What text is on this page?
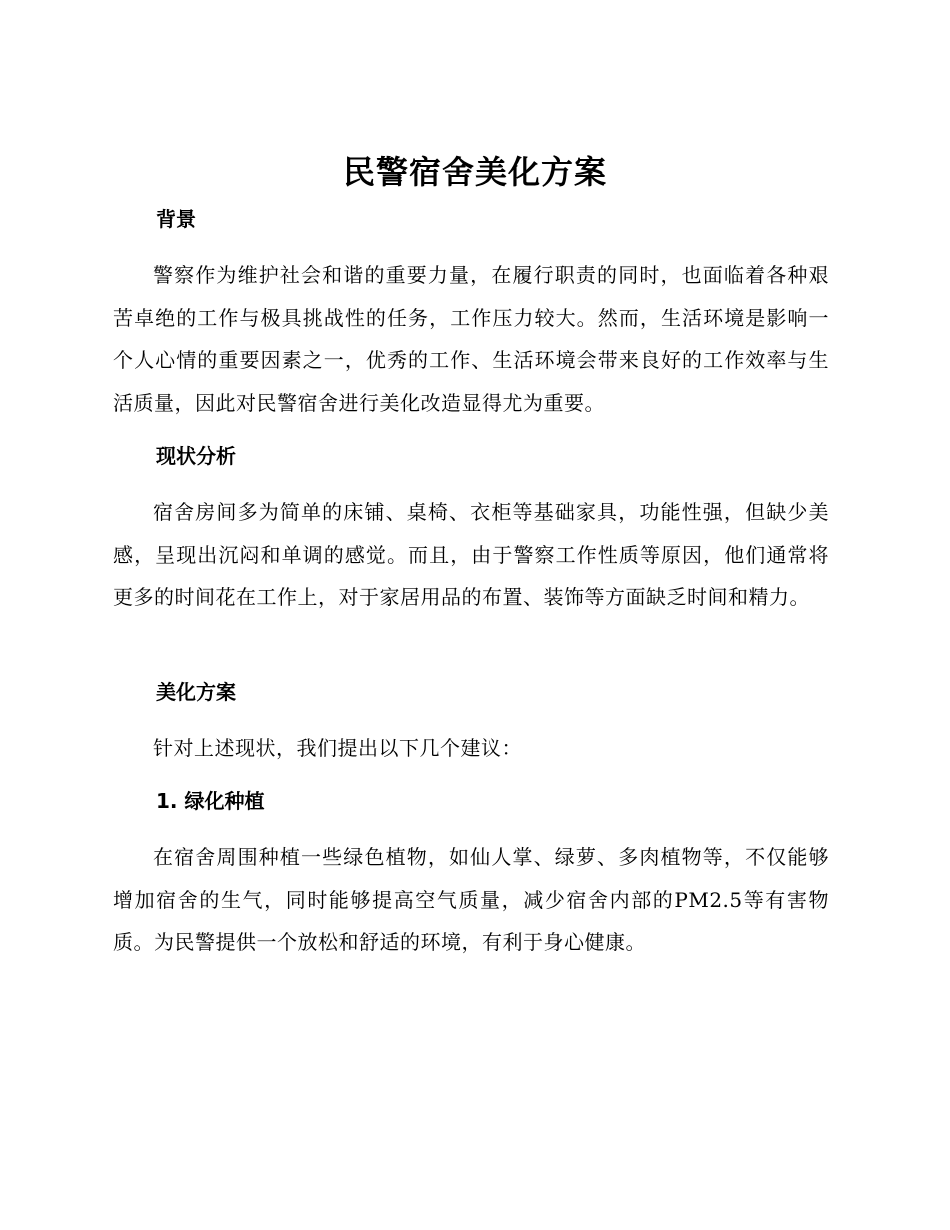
民警宿舍美化方案
背景
警察作为维护社会和谐的重要力量，在履行职责的同时，也面临着各种艰苦卓绝的工作与极具挑战性的任务，工作压力较大。然而，生活环境是影响一个人心情的重要因素之一，优秀的工作、生活环境会带来良好的工作效率与生活质量，因此对民警宿舍进行美化改造显得尤为重要。
现状分析
宿舍房间多为简单的床铺、桌椅、衣柜等基础家具，功能性强，但缺少美感，呈现出沉闷和单调的感觉。而且，由于警察工作性质等原因，他们通常将更多的时间花在工作上，对于家居用品的布置、装饰等方面缺乏时间和精力。
美化方案
针对上述现状，我们提出以下几个建议：
1. 绿化种植
在宿舍周围种植一些绿色植物，如仙人掌、绿萝、多肉植物等，不仅能够增加宿舍的生气，同时能够提高空气质量，减少宿舍内部的PM2.5等有害物质。为民警提供一个放松和舒适的环境，有利于身心健康。
